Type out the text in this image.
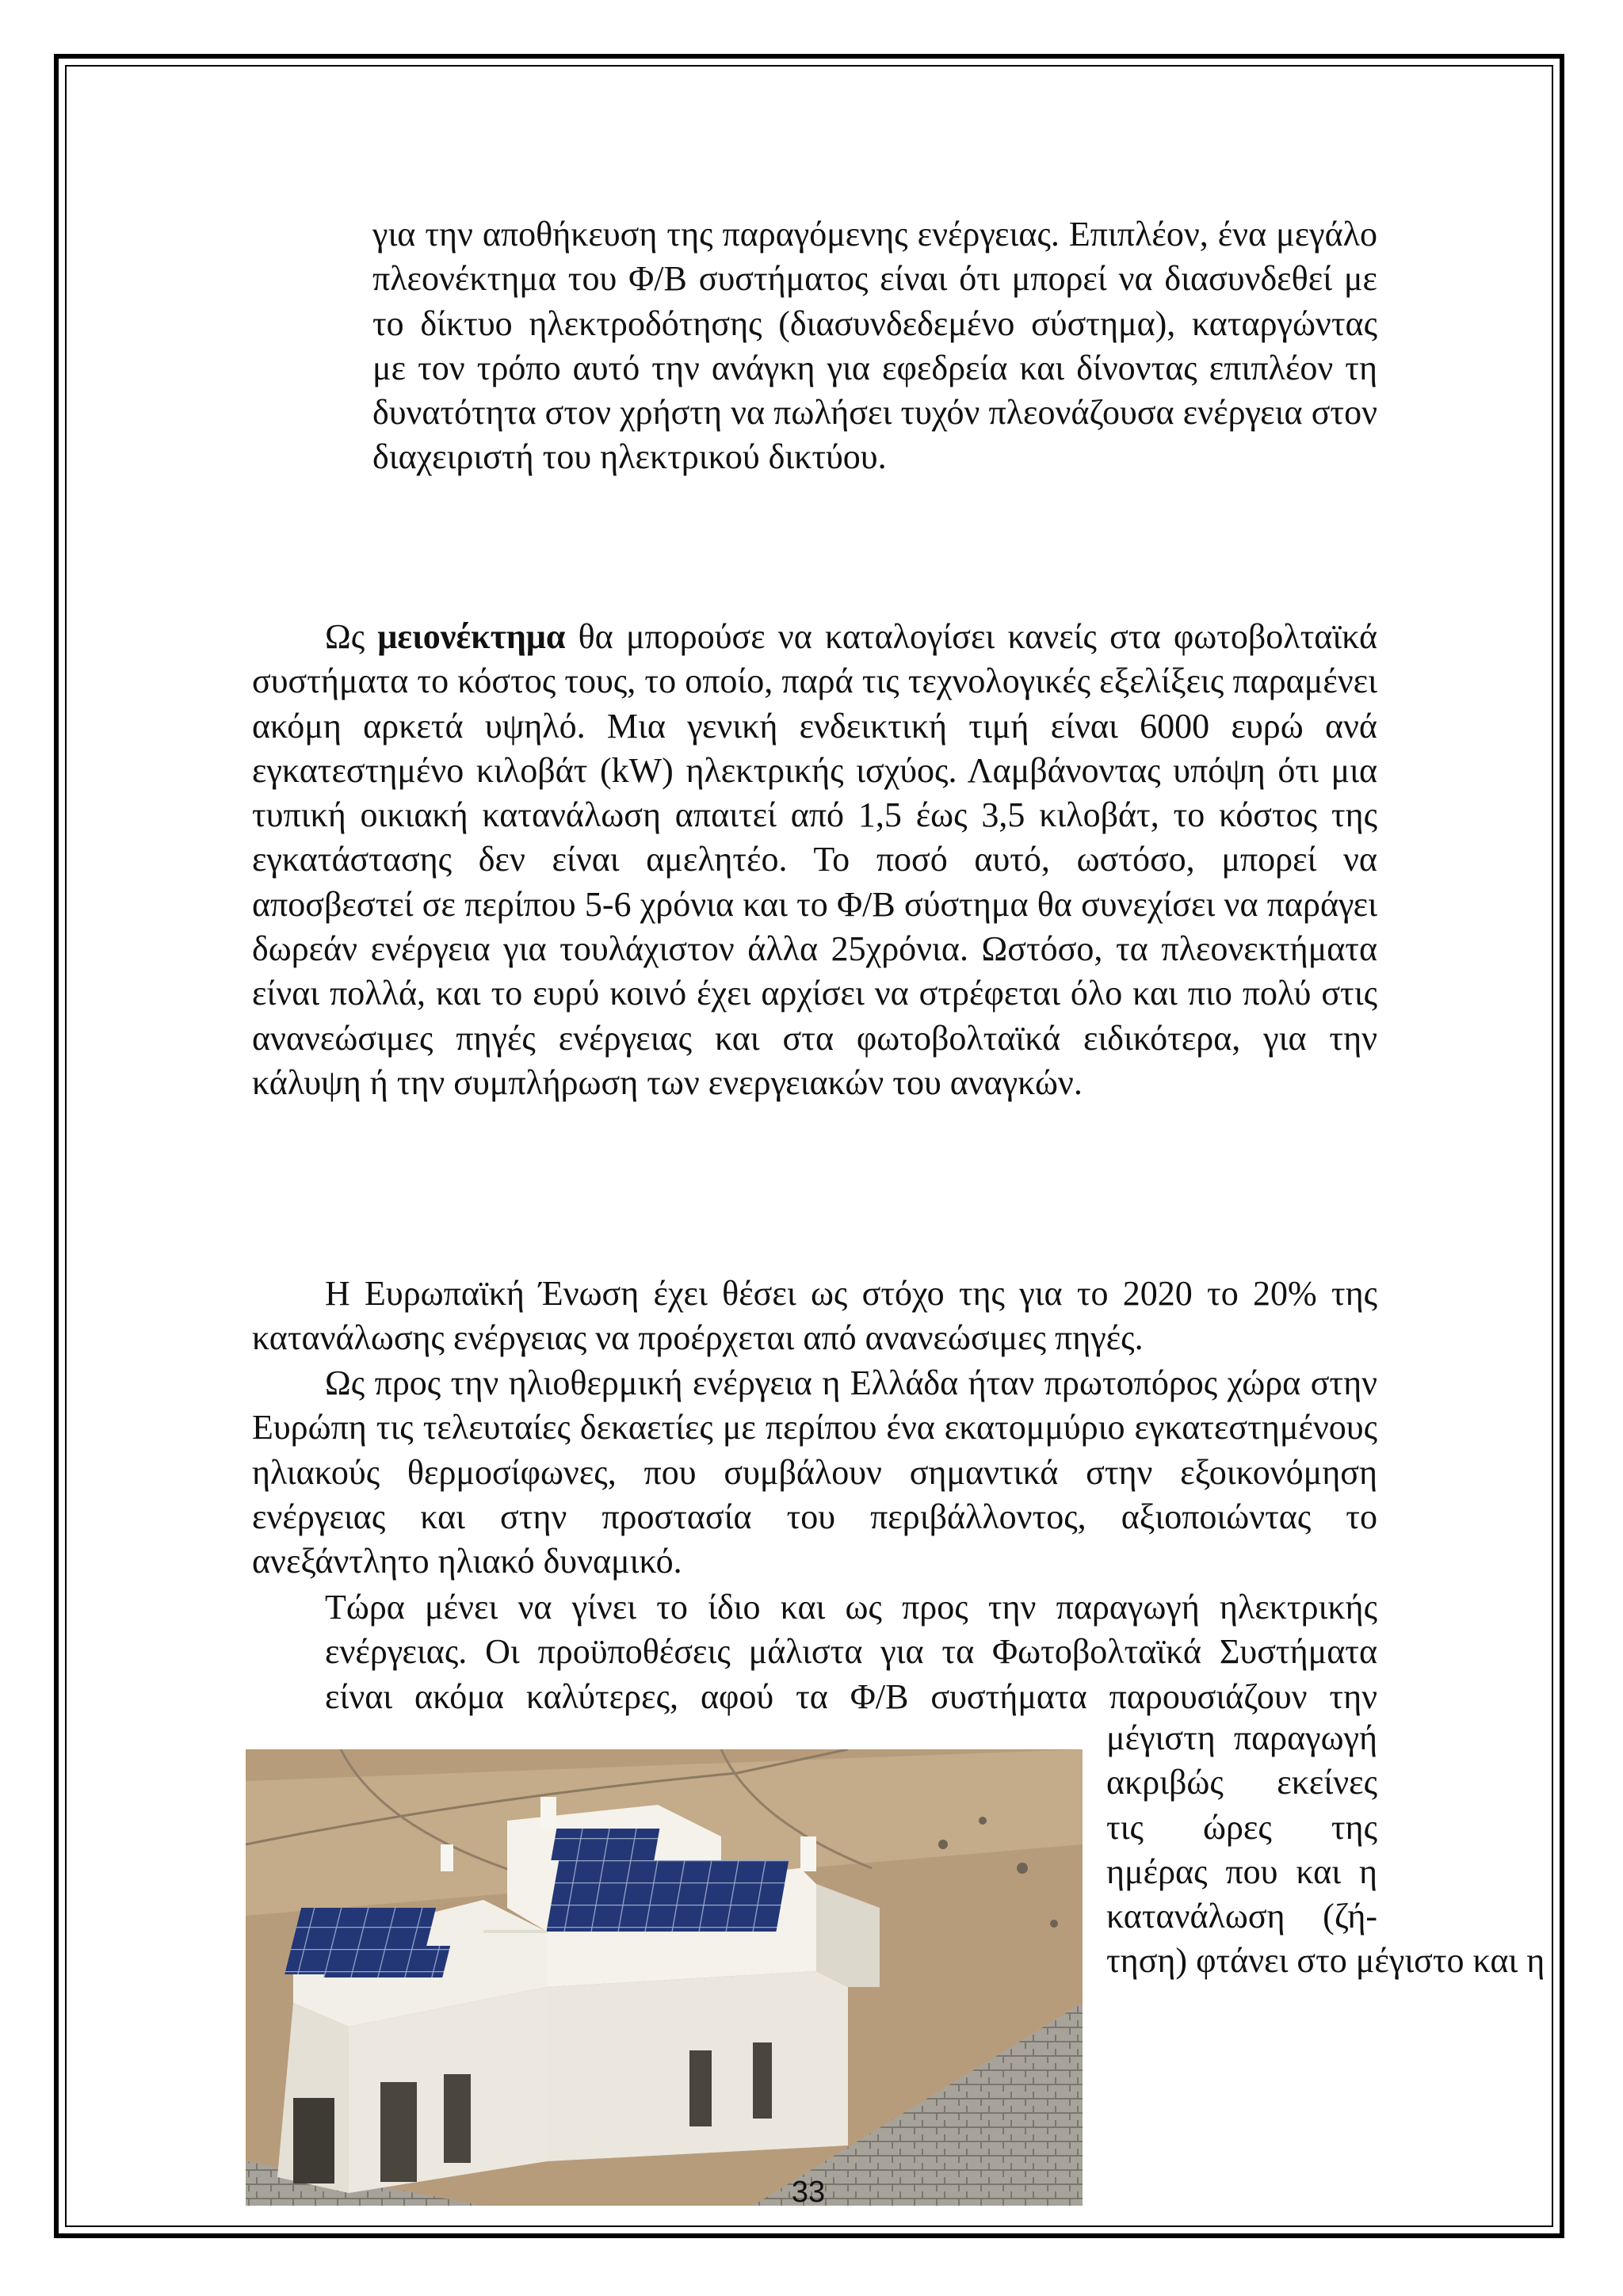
για την αποθήκευση της παραγόμενης ενέργειας. Επιπλέον, ένα μεγάλο πλεονέκτημα του Φ/Β συστήματος είναι ότι μπορεί να διασυνδεθεί με το δίκτυο ηλεκτροδότησης (διασυνδεδεμένο σύστημα), καταργώντας με τον τρόπο αυτό την ανάγκη για εφεδρεία και δίνοντας επιπλέον τη δυνατότητα στον χρήστη να πωλήσει τυχόν πλεονάζουσα ενέργεια στον διαχειριστή του ηλεκτρικού δικτύου.

Ως μειονέκτημα θα μπορούσε να καταλογίσει κανείς στα φωτοβολταϊκά συστήματα το κόστος τους, το οποίο, παρά τις τεχνολογικές εξελίξεις παραμένει ακόμη αρκετά υψηλό. Μια γενική ενδεικτική τιμή είναι 6000 ευρώ ανά εγκατεστημένο κιλοβάτ (kW) ηλεκτρικής ισχύος. Λαμβάνοντας υπόψη ότι μια τυπική οικιακή κατανάλωση απαιτεί από 1,5 έως 3,5 κιλοβάτ, το κόστος της εγκατάστασης δεν είναι αμελητέο. Το ποσό αυτό, ωστόσο, μπορεί να αποσβεστεί σε περίπου 5-6 χρόνια και το Φ/Β σύστημα θα συνεχίσει να παράγει δωρεάν ενέργεια για τουλάχιστον άλλα 25χρόνια. Ωστόσο, τα πλεονεκτήματα είναι πολλά, και το ευρύ κοινό έχει αρχίσει να στρέφεται όλο και πιο πολύ στις ανανεώσιμες πηγές ενέργειας και στα φωτοβολταϊκά ειδικότερα, για την κάλυψη ή την συμπλήρωση των ενεργειακών του αναγκών.

Η Ευρωπαϊκή Ένωση έχει θέσει ως στόχο της για το 2020 το 20% της κατανάλωσης ενέργειας να προέρχεται από ανανεώσιμες πηγές.

Ως προς την ηλιοθερμική ενέργεια η Ελλάδα ήταν πρωτοπόρος χώρα στην Ευρώπη τις τελευταίες δεκαετίες με περίπου ένα εκατομμύριο εγκατεστημένους ηλιακούς θερμοσίφωνες, που συμβάλουν σημαντικά στην εξοικονόμηση ενέργειας και στην προστασία του περιβάλλοντος, αξιοποιώντας το ανεξάντλητο ηλιακό δυναμικό.

Τώρα μένει να γίνει το ίδιο και ως προς την παραγωγή ηλεκτρικής
ενέργειας. Οι προϋποθέσεις μάλιστα για τα Φωτοβολταϊκά Συστήματα
είναι ακόμα καλύτερες, αφού τα Φ/Β συστήματα παρουσιάζουν την

μέγιστη παραγωγή ακριβώς εκείνες τις ώρες της ημέρας που και η κατανάλωση (ζή-τηση) φτάνει στο μέγιστο και η

33
